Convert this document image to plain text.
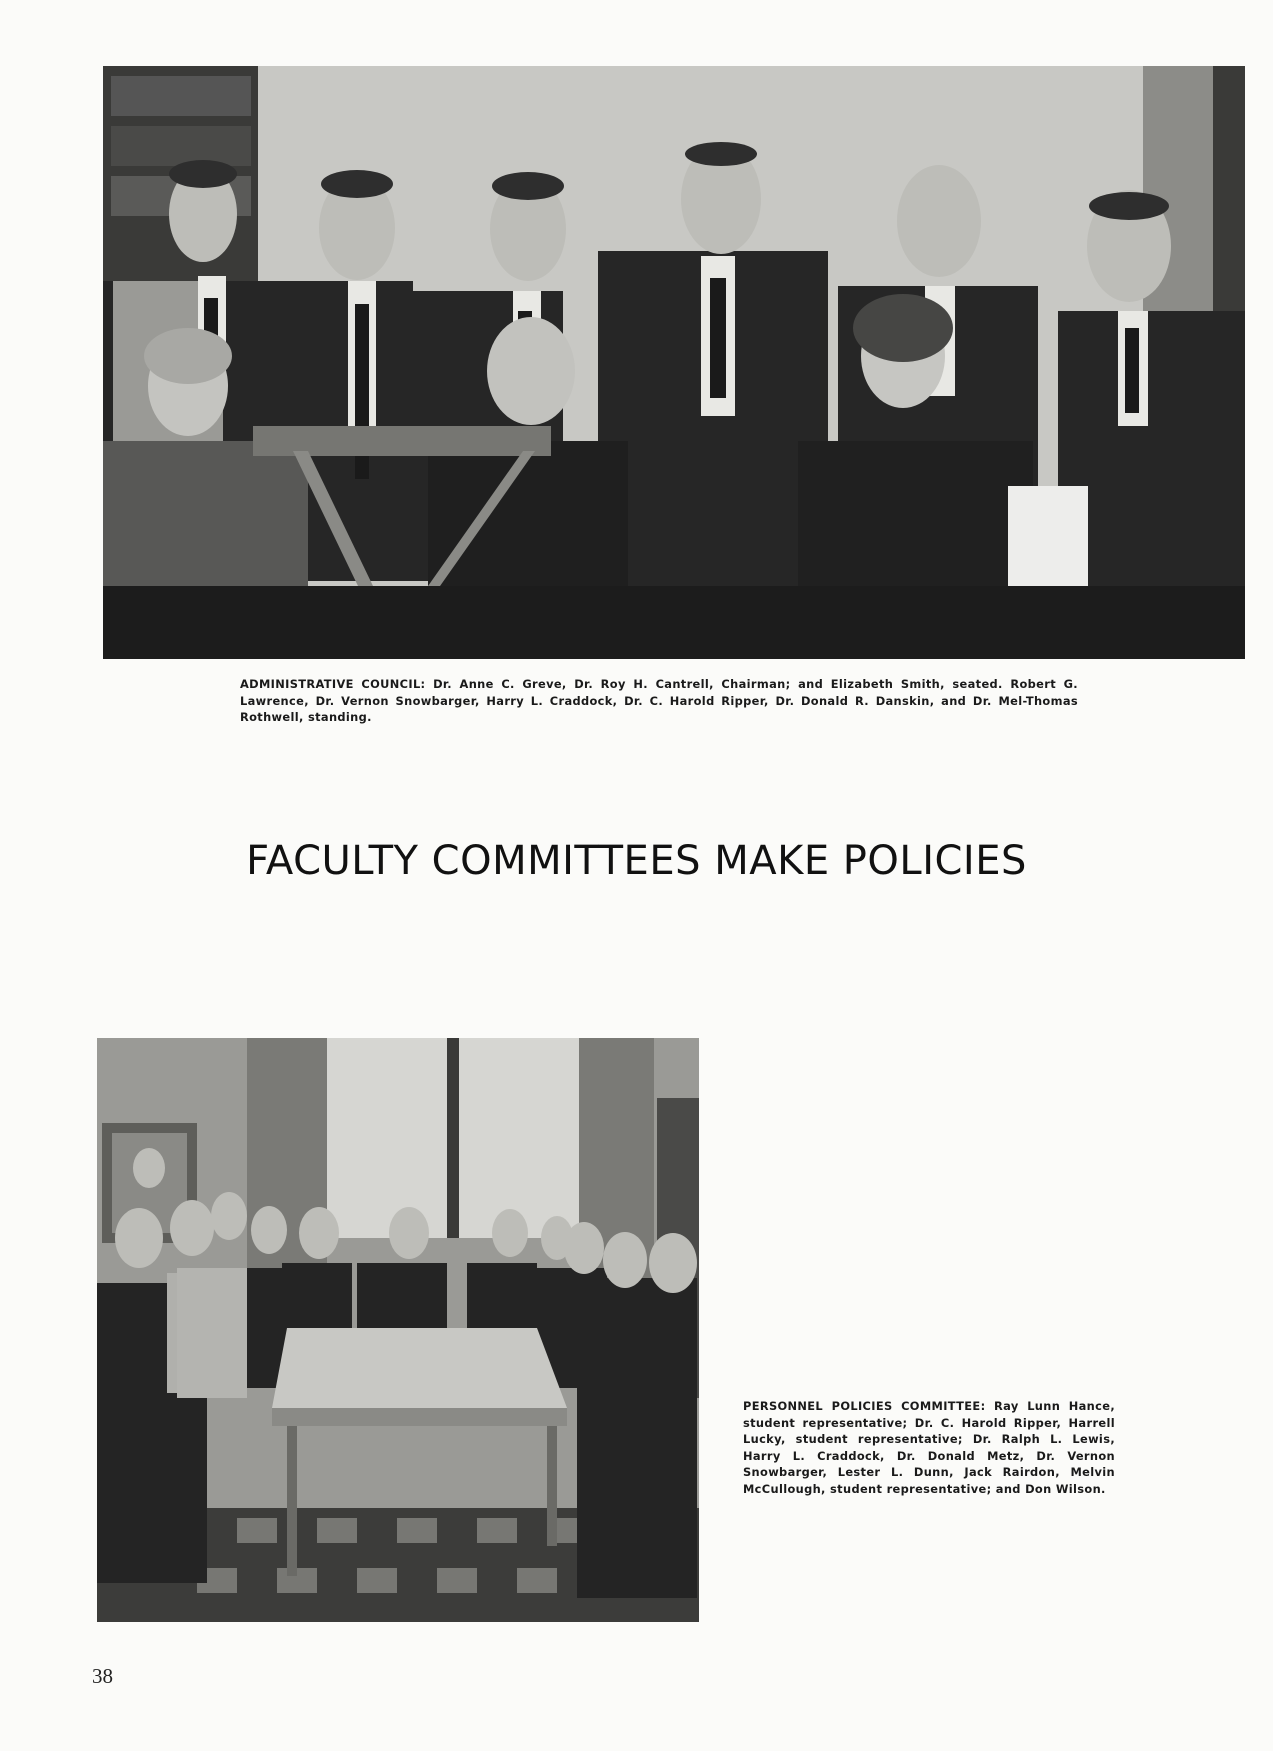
ADMINISTRATIVE COUNCIL: Dr. Anne C. Greve, Dr. Roy H. Cantrell, Chairman; and Elizabeth Smith, seated. Robert G. Lawrence, Dr. Vernon Snowbarger, Harry L. Craddock, Dr. C. Harold Ripper, Dr. Donald R. Danskin, and Dr. Mel-Thomas Rothwell, standing.

FACULTY COMMITTEES MAKE POLICIES

PERSONNEL POLICIES COMMITTEE: Ray Lunn Hance, student representative; Dr. C. Harold Ripper, Harrell Lucky, student representative; Dr. Ralph L. Lewis, Harry L. Craddock, Dr. Donald Metz, Dr. Vernon Snowbarger, Lester L. Dunn, Jack Rairdon, Melvin McCullough, student representative; and Don Wilson.

38
